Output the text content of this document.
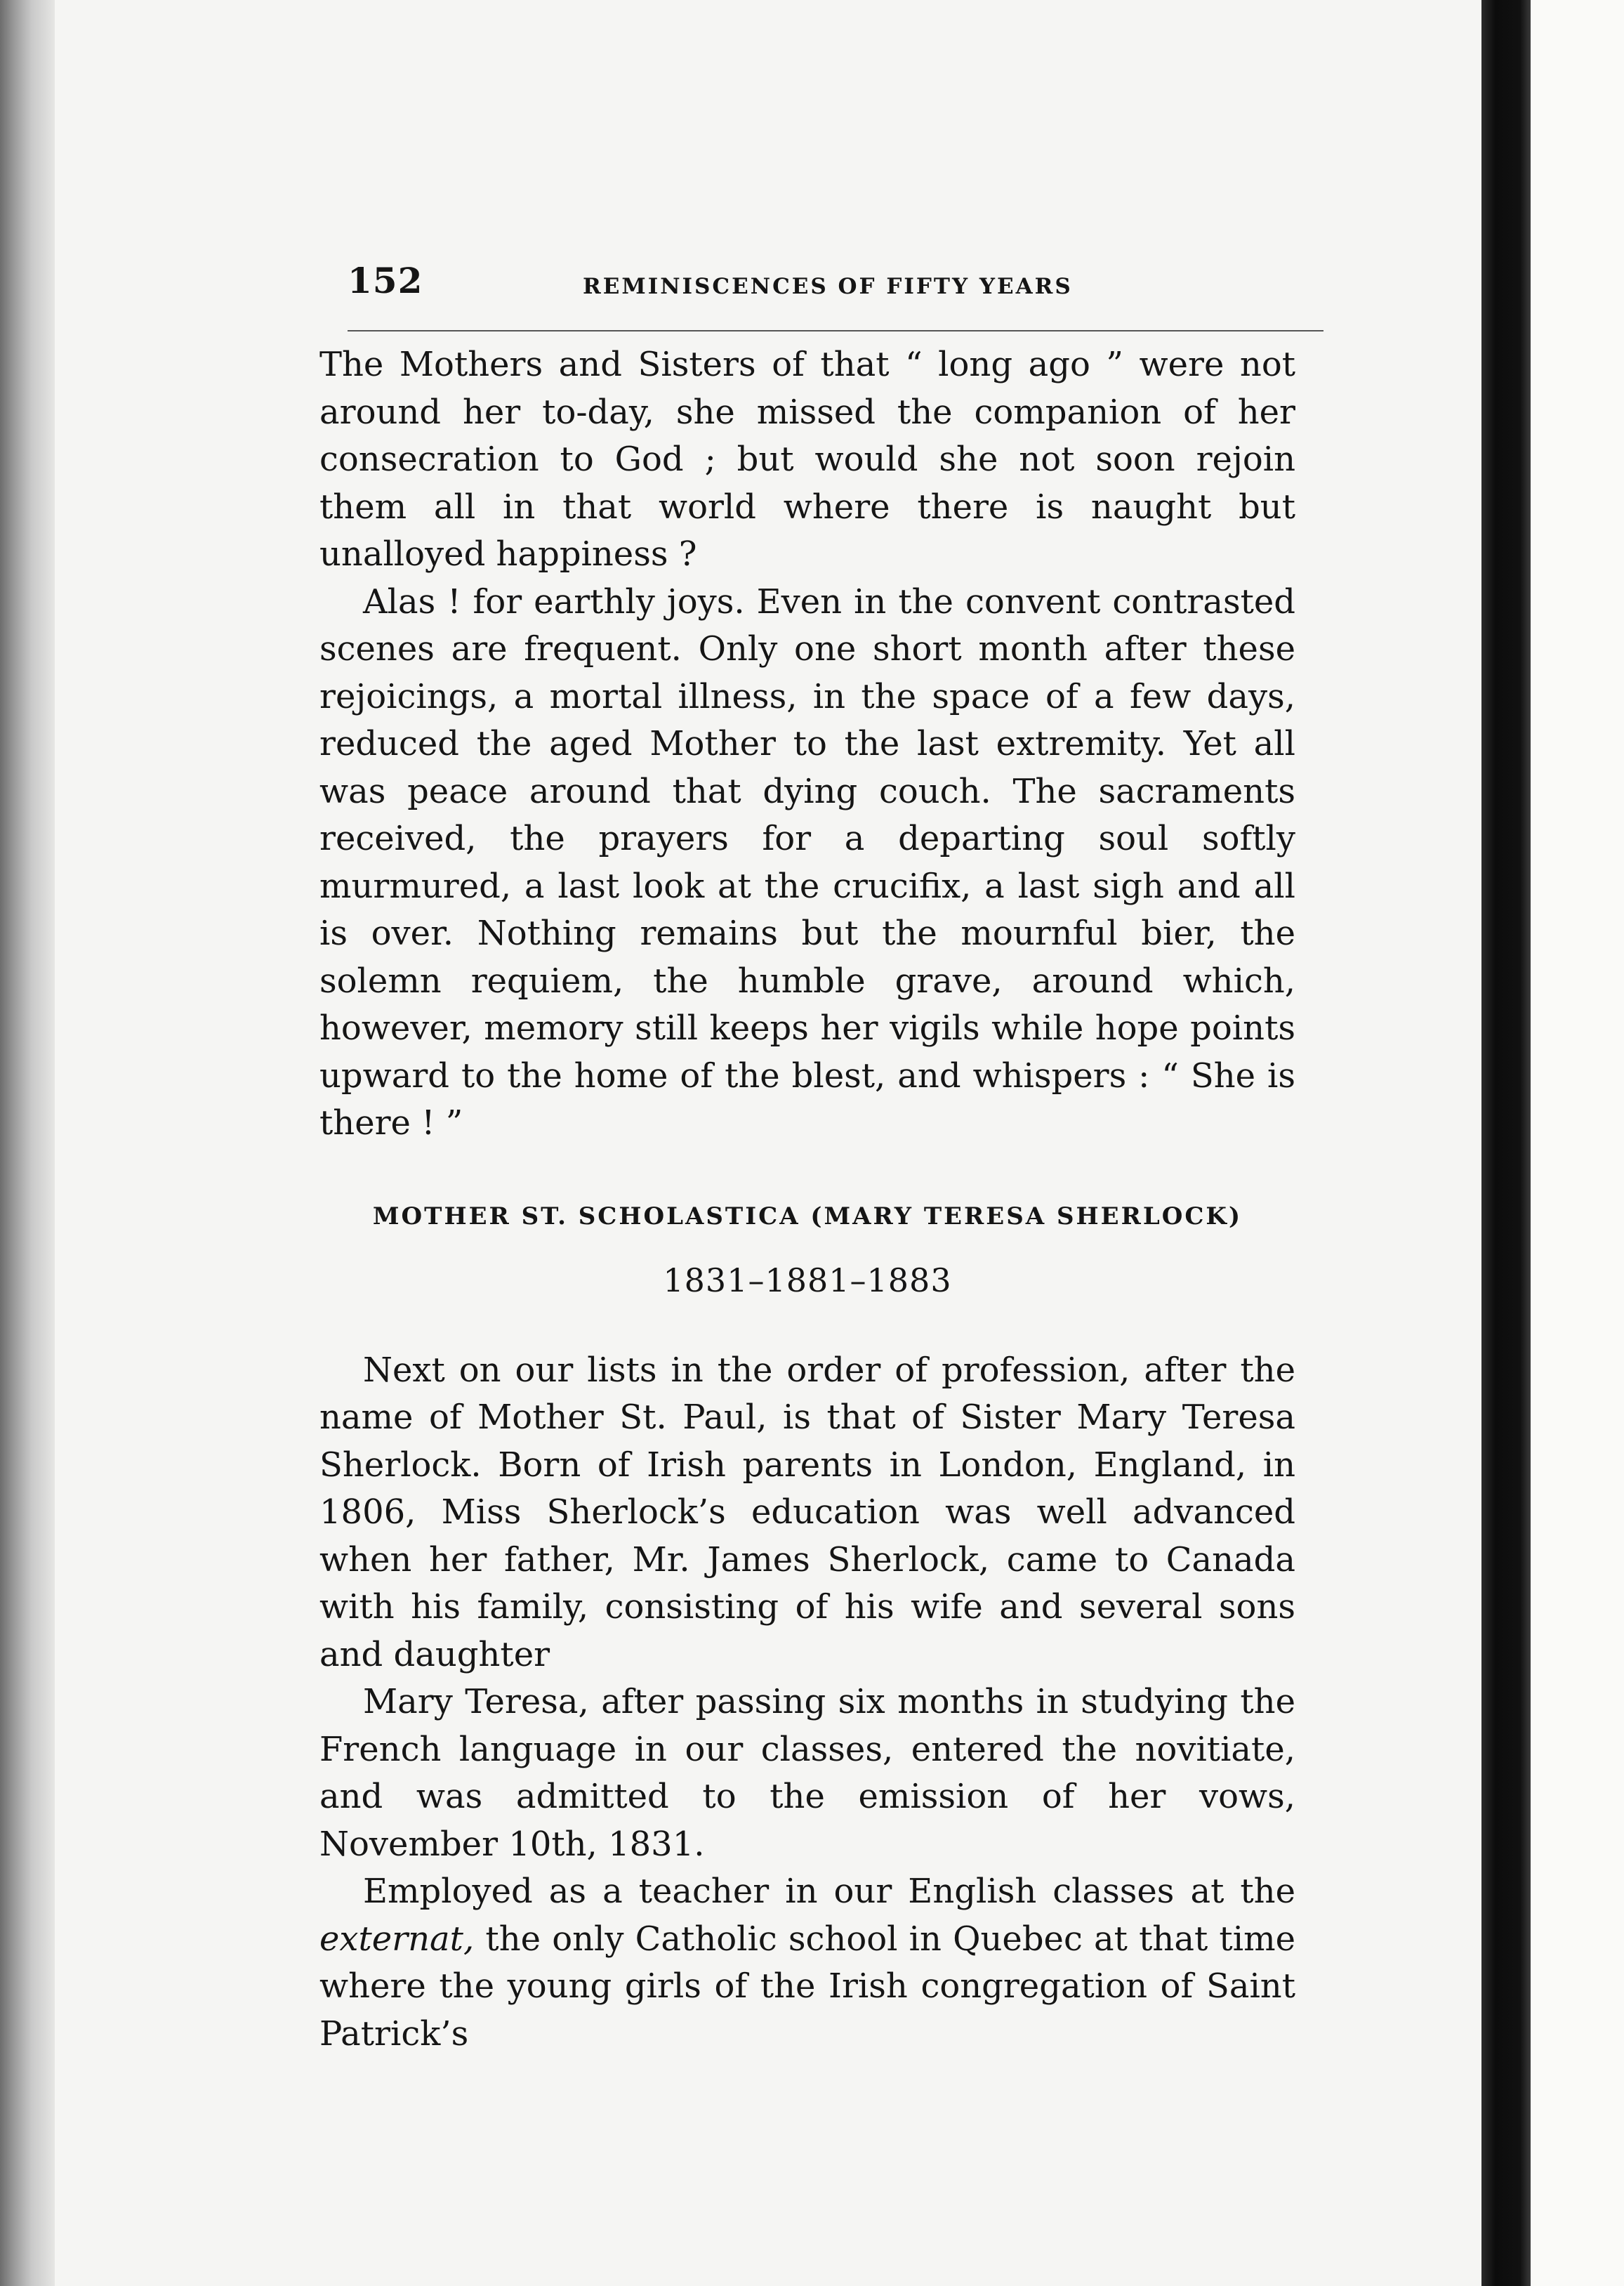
152	REMINISCENCES OF FIFTY YEARS

The Mothers and Sisters of that “ long ago ” were not around her to-day, she missed the companion of her consecration to God ; but would she not soon rejoin them all in that world where there is naught but unalloyed happiness ?

Alas ! for earthly joys. Even in the convent contrasted scenes are frequent. Only one short month after these rejoicings, a mortal illness, in the space of a few days, reduced the aged Mother to the last extremity. Yet all was peace around that dying couch. The sacraments received, the prayers for a departing soul softly murmured, a last look at the crucifix, a last sigh and all is over. Nothing remains but the mournful bier, the solemn requiem, the humble grave, around which, however, memory still keeps her vigils while hope points upward to the home of the blest, and whispers : “ She is there ! ”

MOTHER ST. SCHOLASTICA (MARY TERESA SHERLOCK)
1831–1881–1883

Next on our lists in the order of profession, after the name of Mother St. Paul, is that of Sister Mary Teresa Sherlock. Born of Irish parents in London, England, in 1806, Miss Sherlock’s education was well advanced when her father, Mr. James Sherlock, came to Canada with his family, consisting of his wife and several sons and daughter

Mary Teresa, after passing six months in studying the French language in our classes, entered the novitiate, and was admitted to the emission of her vows, November 10th, 1831.

Employed as a teacher in our English classes at the externat, the only Catholic school in Quebec at that time where the young girls of the Irish congregation of Saint Patrick’s
